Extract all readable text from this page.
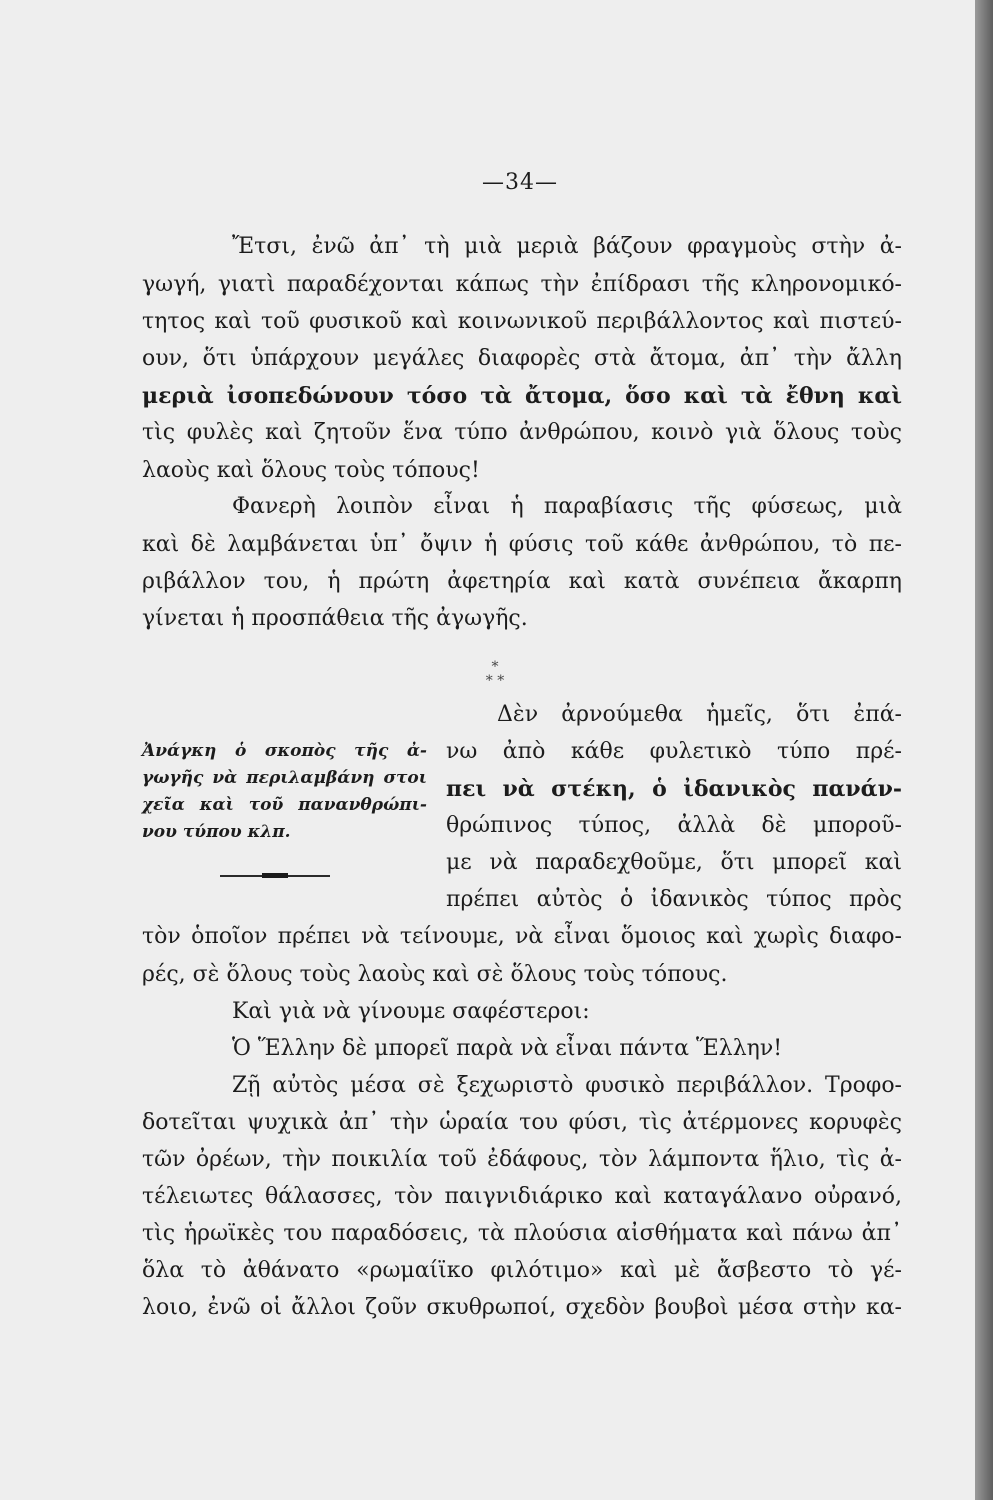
—34—
Ἔτσι, ἐνῶ ἀπ᾽ τὴ μιὰ μεριὰ βάζουν φραγμοὺς στὴν ἀ-
γωγή, γιατὶ παραδέχονται κάπως τὴν ἐπίδρασι τῆς κληρονομικό-
τητος καὶ τοῦ φυσικοῦ καὶ κοινωνικοῦ περιβάλλοντος καὶ πιστεύ-
ουν, ὅτι ὑπάρχουν μεγάλες διαφορὲς στὰ ἄτομα, ἀπ᾽ τὴν ἄλλη
μεριὰ ἰσοπεδώνουν τόσο τὰ ἄτομα, ὅσο καὶ τὰ ἔθνη καὶ
τὶς φυλὲς καὶ ζητοῦν ἕνα τύπο ἀνθρώπου, κοινὸ γιὰ ὅλους τοὺς
λαοὺς καὶ ὅλους τοὺς τόπους!
Φανερὴ λοιπὸν εἶναι ἡ παραβίασις τῆς φύσεως, μιὰ
καὶ δὲ λαμβάνεται ὑπ᾽ ὄψιν ἡ φύσις τοῦ κάθε ἀνθρώπου, τὸ πε-
ριβάλλον του, ἡ πρώτη ἀφετηρία καὶ κατὰ συνέπεια ἄκαρπη
γίνεται ἡ προσπάθεια τῆς ἀγωγῆς.
*
* *
Ἀνάγκη ὁ σκοπὸς τῆς ἀ-
γωγῆς νὰ περιλαμβάνη στοι
χεῖα καὶ τοῦ πανανθρώπι-
νου τύπου κλπ.
Δὲν ἀρνούμεθα ἡμεῖς, ὅτι ἐπά-
νω ἀπὸ κάθε φυλετικὸ τύπο πρέ-
πει νὰ στέκη, ὁ ἰδανικὸς πανάν-
θρώπινος τύπος, ἀλλὰ δὲ μποροῦ-
με νὰ παραδεχθοῦμε, ὅτι μπορεῖ καὶ
πρέπει αὐτὸς ὁ ἰδανικὸς τύπος πρὸς
τὸν ὁποῖον πρέπει νὰ τείνουμε, νὰ εἶναι ὅμοιος καὶ χωρὶς διαφο-
ρές, σὲ ὅλους τοὺς λαοὺς καὶ σὲ ὅλους τοὺς τόπους.
Καὶ γιὰ νὰ γίνουμε σαφέστεροι:
Ὁ Ἕλλην δὲ μπορεῖ παρὰ νὰ εἶναι πάντα Ἕλλην!
Ζῇ αὐτὸς μέσα σὲ ξεχωριστὸ φυσικὸ περιβάλλον. Τροφο-
δοτεῖται ψυχικὰ ἀπ᾽ τὴν ὡραία του φύσι, τὶς ἀτέρμονες κορυφὲς
τῶν ὀρέων, τὴν ποικιλία τοῦ ἐδάφους, τὸν λάμποντα ἥλιο, τὶς ἀ-
τέλειωτες θάλασσες, τὸν παιγνιδιάρικο καὶ καταγάλανο οὐρανό,
τὶς ἡρωϊκὲς του παραδόσεις, τὰ πλούσια αἰσθήματα καὶ πάνω ἀπ᾽
ὅλα τὸ ἀθάνατο «ρωμαίϊκο φιλότιμο» καὶ μὲ ἄσβεστο τὸ γέ-
λοιο, ἐνῶ οἱ ἄλλοι ζοῦν σκυθρωποί, σχεδὸν βουβοὶ μέσα στὴν κα-
